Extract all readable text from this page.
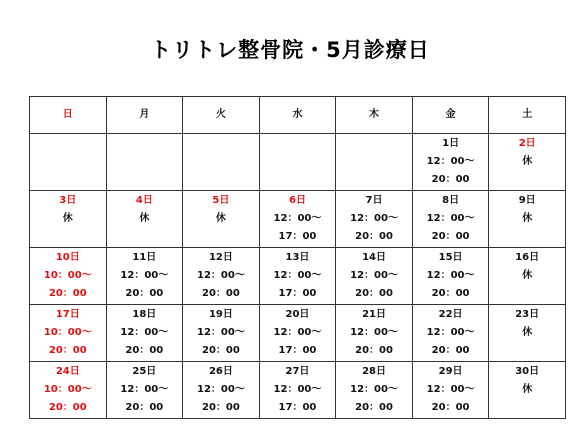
トリトレ整骨院・5月診療日
日	月	火	水	木	金	土

					1日
12：00～
20：00	2日
休

3日
休	4日
休	5日
休	6日
12：00～
17：00	7日
12：00～
20：00	8日
12：00～
20：00	9日
休

10日
10：00～
20：00	11日
12：00～
20：00	12日
12：00～
20：00	13日
12：00～
17：00	14日
12：00～
20：00	15日
12：00～
20：00	16日
休

17日
10：00～
20：00	18日
12：00～
20：00	19日
12：00～
20：00	20日
12：00～
17：00	21日
12：00～
20：00	22日
12：00～
20：00	23日
休

24日
10：00～
20：00	25日
12：00～
20：00	26日
12：00～
20：00	27日
12：00～
17：00	28日
12：00～
20：00	29日
12：00～
20：00	30日
休
